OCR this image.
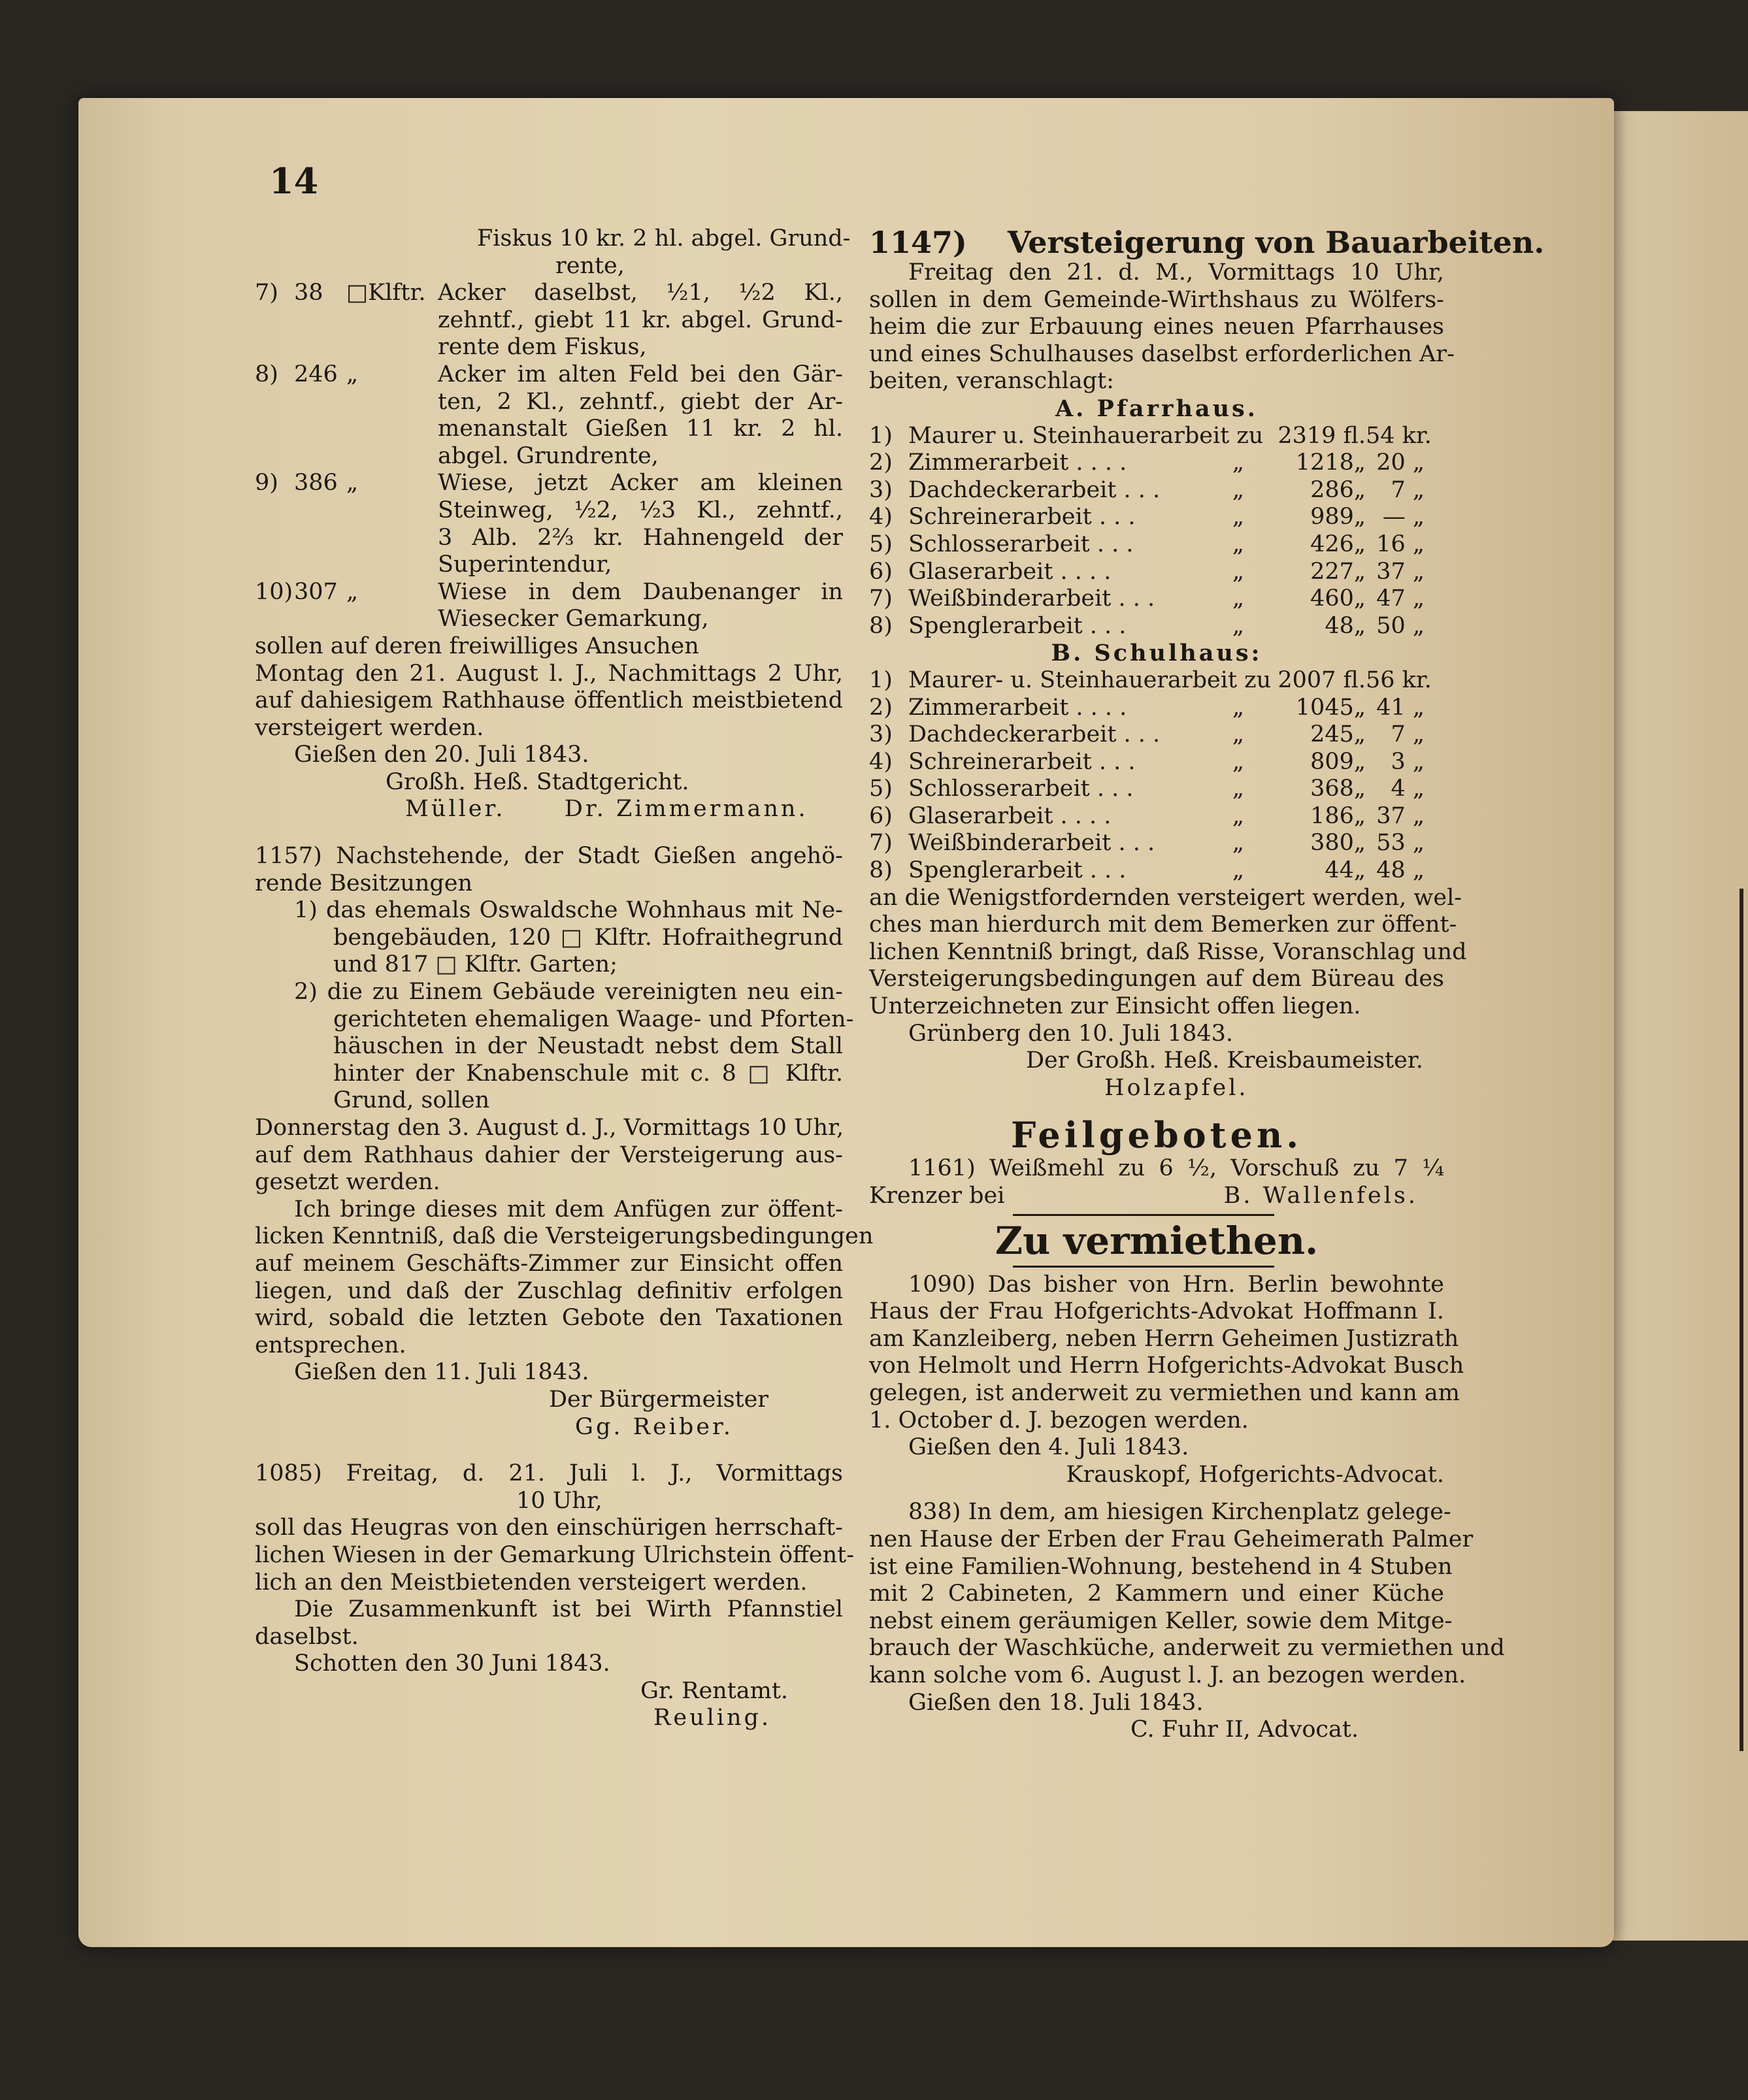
14
Fiskus 10 kr. 2 hl. abgel. Grund-
rente,
7) 38	□Klftr. Acker daselbst, ½1, ½2 Kl.,
zehntf., giebt 11 kr. abgel. Grund-
rente dem Fiskus,
8) 246 „	Acker im alten Feld bei den Gär-
ten, 2 Kl., zehntf., giebt der Ar-
menanstalt Gießen 11 kr. 2 hl.
abgel. Grundrente,
9) 386 „	Wiese, jetzt Acker am kleinen
Steinweg, ½2, ½3 Kl., zehntf.,
3 Alb. 2⅔ kr. Hahnengeld der
Superintendur,
10) 307 „	Wiese in dem Daubenanger in
Wiesecker Gemarkung,
sollen auf deren freiwilliges Ansuchen
Montag den 21. August l. J., Nachmittags 2 Uhr,
auf dahiesigem Rathhause öffentlich meistbietend
versteigert werden.
Gießen den 20. Juli 1843.
Großh. Heß. Stadtgericht.
Müller.	Dr. Zimmermann.
1157) Nachstehende, der Stadt Gießen angehö-
rende Besitzungen
1) das ehemals Oswaldsche Wohnhaus mit Ne-
bengebäuden, 120 □ Klftr. Hofraithegrund
und 817 □ Klftr. Garten;
2) die zu Einem Gebäude vereinigten neu ein-
gerichteten ehemaligen Waage- und Pforten-
häuschen in der Neustadt nebst dem Stall
hinter der Knabenschule mit c. 8 □ Klftr.
Grund, sollen
Donnerstag den 3. August d. J., Vormittags 10 Uhr,
auf dem Rathhaus dahier der Versteigerung aus-
gesetzt werden.
Ich bringe dieses mit dem Anfügen zur öffent-
licken Kenntniß, daß die Versteigerungsbedingungen
auf meinem Geschäfts-Zimmer zur Einsicht offen
liegen, und daß der Zuschlag definitiv erfolgen
wird, sobald die letzten Gebote den Taxationen
entsprechen.
Gießen den 11. Juli 1843.
Der Bürgermeister
Gg. Reiber.
1085) Freitag, d. 21. Juli l. J., Vormittags
10 Uhr,
soll das Heugras von den einschürigen herrschaft-
lichen Wiesen in der Gemarkung Ulrichstein öffent-
lich an den Meistbietenden versteigert werden.
Die Zusammenkunft ist bei Wirth Pfannstiel
daselbst.
Schotten den 30 Juni 1843.
Gr. Rentamt.
Reuling.
1147) Versteigerung von Bauarbeiten.
Freitag den 21. d. M., Vormittags 10 Uhr,
sollen in dem Gemeinde-Wirthshaus zu Wölfers-
heim die zur Erbauung eines neuen Pfarrhauses
und eines Schulhauses daselbst erforderlichen Ar-
beiten, veranschlagt:
A. Pfarrhaus.
1) Maurer u. Steinhauerarbeit zu 2319 fl. 54 kr.
2) Zimmerarbeit . . . .	„	1218„ 20 „
3) Dachdeckerarbeit . . .	„	286„	7 „
4) Schreinerarbeit . . .	„	989„ — „
5) Schlosserarbeit . . .	„	426„ 16 „
6) Glaserarbeit . . . .	„	227„ 37 „
7) Weißbinderarbeit . . .	„	460„ 47 „
8) Spenglerarbeit . . .	„	48„ 50 „
B. Schulhaus:
1) Maurer- u. Steinhauerarbeit zu 2007 fl. 56 kr.
2) Zimmerarbeit . . . .	„	1045„ 41 „
3) Dachdeckerarbeit . . .	„	245„	7 „
4) Schreinerarbeit . . .	„	809„	3 „
5) Schlosserarbeit . . .	„	368„	4 „
6) Glaserarbeit . . . .	„	186„ 37 „
7) Weißbinderarbeit . . .	„	380„ 53 „
8) Spenglerarbeit . . .	„	44„ 48 „
an die Wenigstfordernden versteigert werden, wel-
ches man hierdurch mit dem Bemerken zur öffent-
lichen Kenntniß bringt, daß Risse, Voranschlag und
Versteigerungsbedingungen auf dem Büreau des
Unterzeichneten zur Einsicht offen liegen.
Grünberg den 10. Juli 1843.
Der Großh. Heß. Kreisbaumeister.
Holzapfel.
Feilgeboten.
1161) Weißmehl zu 6 ½, Vorschuß zu 7 ¼
Krenzer bei	B. Wallenfels.
Zu vermiethen.
1090) Das bisher von Hrn. Berlin bewohnte
Haus der Frau Hofgerichts-Advokat Hoffmann I.
am Kanzleiberg, neben Herrn Geheimen Justizrath
von Helmolt und Herrn Hofgerichts-Advokat Busch
gelegen, ist anderweit zu vermiethen und kann am
1. October d. J. bezogen werden.
Gießen den 4. Juli 1843.
Krauskopf, Hofgerichts-Advocat.
838) In dem, am hiesigen Kirchenplatz gelege-
nen Hause der Erben der Frau Geheimerath Palmer
ist eine Familien-Wohnung, bestehend in 4 Stuben
mit 2 Cabineten, 2 Kammern und einer Küche
nebst einem geräumigen Keller, sowie dem Mitge-
brauch der Waschküche, anderweit zu vermiethen und
kann solche vom 6. August l. J. an bezogen werden.
Gießen den 18. Juli 1843.
C. Fuhr II, Advocat.
